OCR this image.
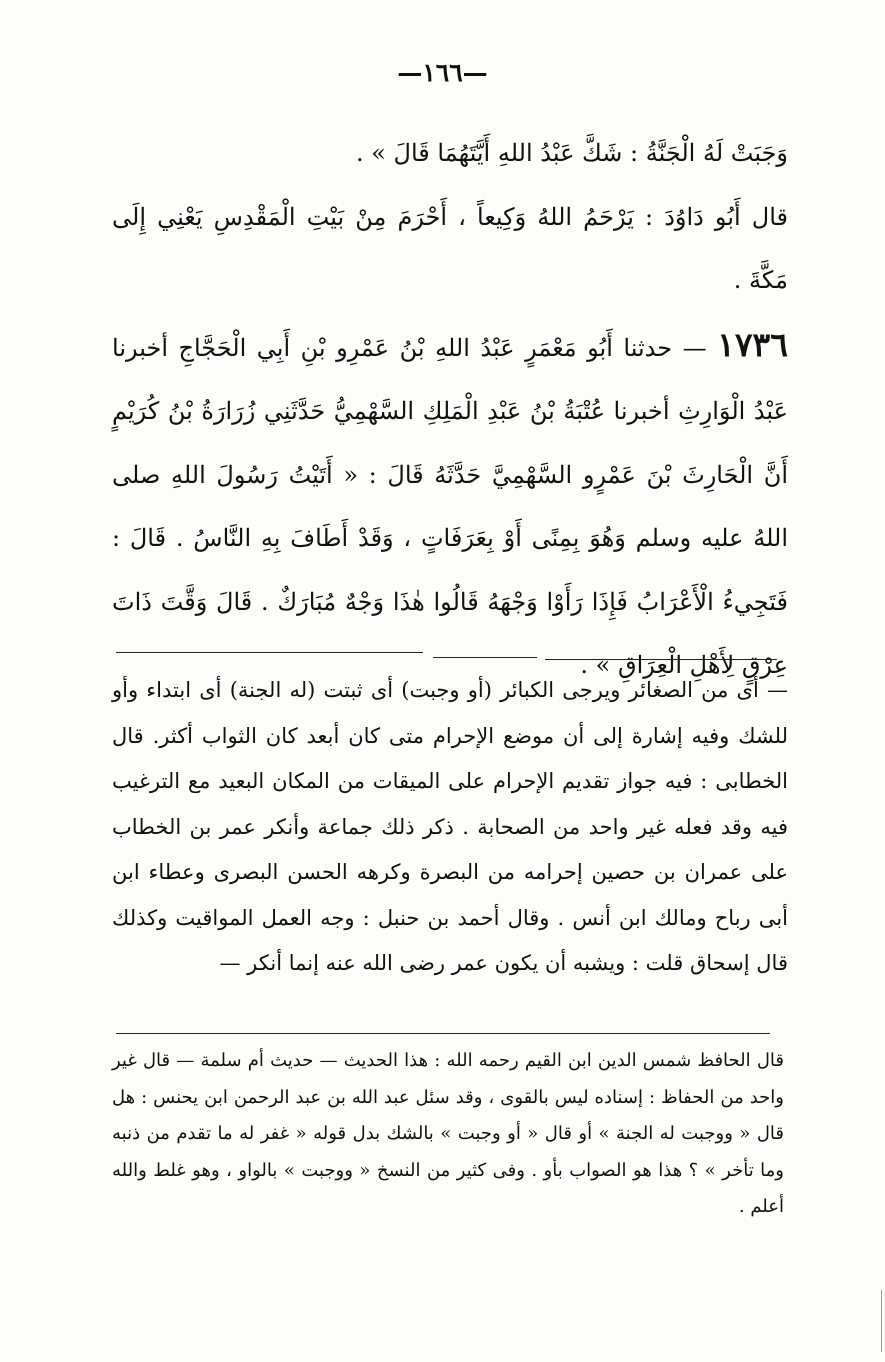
—١٦٦—

وَجَبَتْ لَهُ الْجَنَّةُ : شَكَّ عَبْدُ اللهِ أَيَّتَهُمَا قَالَ » .

قال أَبُو دَاوُدَ : يَرْحَمُ اللهُ وَكِيعاً ، أَحْرَمَ مِنْ بَيْتِ الْمَقْدِسِ يَعْنِي إِلَى مَكَّةَ .

١٧٣٦ — حدثنا أَبُو مَعْمَرٍ عَبْدُ اللهِ بْنُ عَمْرِو بْنِ أَبِي الْحَجَّاجِ أخبرنا عَبْدُ الْوَارِثِ أخبرنا عُتْبَةُ بْنُ عَبْدِ الْمَلِكِ السَّهْمِيُّ حَدَّثَنِي زُرَارَةُ بْنُ كُرَيْمٍ أَنَّ الْحَارِثَ بْنَ عَمْرٍو السَّهْمِيَّ حَدَّثَهُ قَالَ : « أَتَيْتُ رَسُولَ اللهِ صلى اللهُ عليه وسلم وَهُوَ بِمِنًى أَوْ بِعَرَفَاتٍ ، وَقَدْ أَطَافَ بِهِ النَّاسُ . قَالَ : فَتَجِيءُ الْأَعْرَابُ فَإِذَا رَأَوْا وَجْهَهُ قَالُوا هٰذَا وَجْهٌ مُبَارَكٌ . قَالَ وَقَّتَ ذَاتَ عِرْقٍ لِأَهْلِ الْعِرَاقِ » .

— أى من الصغائر ويرجى الكبائر (أو وجبت) أى ثبتت (له الجنة) أى ابتداء وأو للشك وفيه إشارة إلى أن موضع الإحرام متى كان أبعد كان الثواب أكثر. قال الخطابى : فيه جواز تقديم الإحرام على الميقات من المكان البعيد مع الترغيب فيه وقد فعله غير واحد من الصحابة . ذكر ذلك جماعة وأنكر عمر بن الخطاب على عمران بن حصين إحرامه من البصرة وكرهه الحسن البصرى وعطاء ابن أبى رباح ومالك ابن أنس . وقال أحمد بن حنبل : وجه العمل المواقيت وكذلك قال إسحاق قلت : ويشبه أن يكون عمر رضى الله عنه إنما أنكر —

قال الحافظ شمس الدين ابن القيم رحمه الله : هذا الحديث — حديث أم سلمة — قال غير واحد من الحفاظ : إسناده ليس بالقوى ، وقد سئل عبد الله بن عبد الرحمن ابن يحنس : هل قال « ووجبت له الجنة » أو قال « أو وجبت » بالشك بدل قوله « غفر له ما تقدم من ذنبه وما تأخر » ؟ هذا هو الصواب بأو . وفى كثير من النسخ « ووجبت » بالواو ، وهو غلط والله أعلم .
